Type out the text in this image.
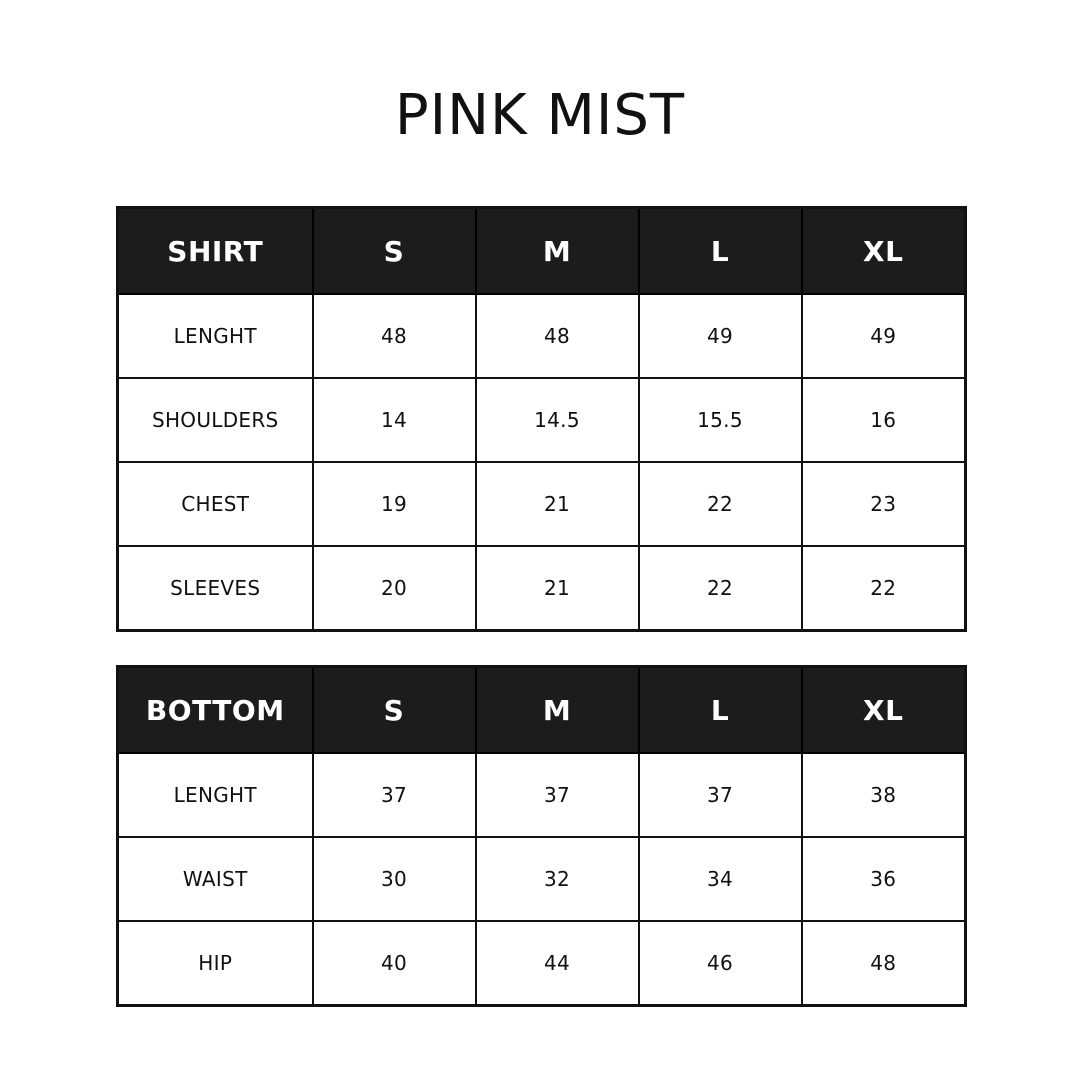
PINK MIST
SHIRT	S	M	L	XL
LENGHT	48	48	49	49
SHOULDERS	14	14.5	15.5	16
CHEST	19	21	22	23
SLEEVES	20	21	22	22
BOTTOM	S	M	L	XL
LENGHT	37	37	37	38
WAIST	30	32	34	36
HIP	40	44	46	48
